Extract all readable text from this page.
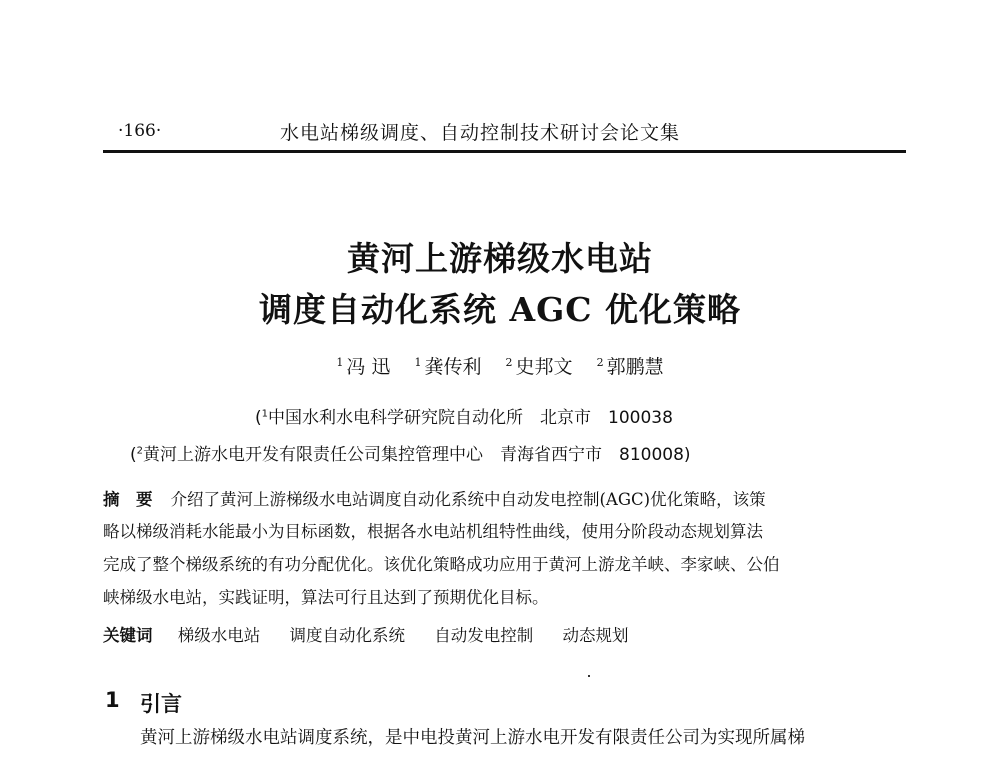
·166·	水电站梯级调度、自动控制技术研讨会论文集
黄河上游梯级水电站
调度自动化系统 AGC 优化策略
$^1$ 冯 迅 $^1$ 龚传利 $^2$ 史邦文 $^2$ 郭鹏慧
($^1$中国水利水电科学研究院自动化所　北京市　100038
($^2$黄河上游水电开发有限责任公司集控管理中心　青海省西宁市　810008)
摘　要 介绍了黄河上游梯级水电站调度自动化系统中自动发电控制(AGC)优化策略，该策
略以梯级消耗水能最小为目标函数，根据各水电站机组特性曲线，使用分阶段动态规划算法
完成了整个梯级系统的有功分配优化。该优化策略成功应用于黄河上游龙羊峡、李家峡、公伯
峡梯级水电站，实践证明，算法可行且达到了预期优化目标。
关键词 梯级水电站 调度自动化系统 自动发电控制 动态规划
1 引言
黄河上游梯级水电站调度系统，是中电投黄河上游水电开发有限责任公司为实现所属梯
